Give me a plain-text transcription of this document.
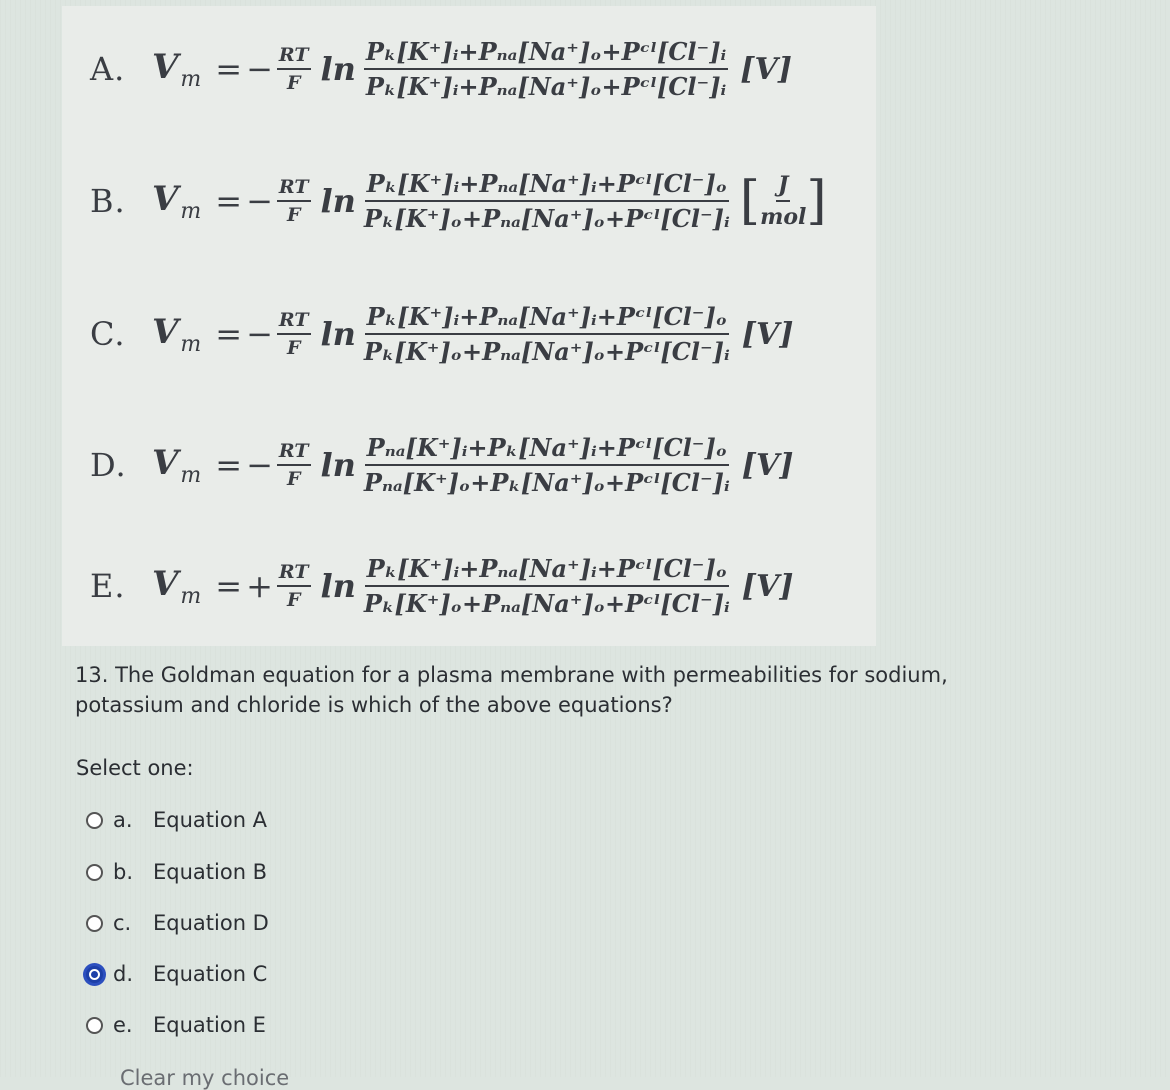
A. $V_m$ = − $\frac{RT}{F}$ $\ln \frac{\text{Pₖ[K⁺]ᵢ+Pₙₐ[Na⁺]ₒ+Pᶜˡ[Cl⁻]ᵢ}}{\text{Pₖ[K⁺]ᵢ+Pₙₐ[Na⁺]ₒ+Pᶜˡ[Cl⁻]ᵢ}} [V]$
B. $V_m$ = − $\frac{RT}{F}$ $\ln \frac{\text{Pₖ[K⁺]ᵢ+Pₙₐ[Na⁺]ᵢ+Pᶜˡ[Cl⁻]ₒ}}{\text{Pₖ[K⁺]ₒ+Pₙₐ[Na⁺]ₒ+Pᶜˡ[Cl⁻]ᵢ}}$ [ $\frac{J}{\text{mol}}$ ]
C. $V_m$ = − $\frac{RT}{F}$ $\ln \frac{\text{Pₖ[K⁺]ᵢ+Pₙₐ[Na⁺]ᵢ+Pᶜˡ[Cl⁻]ₒ}}{\text{Pₖ[K⁺]ₒ+Pₙₐ[Na⁺]ₒ+Pᶜˡ[Cl⁻]ᵢ}} [V]$
D. $V_m$ = − $\frac{RT}{F}$ $\ln \frac{\text{Pₙₐ[K⁺]ᵢ+Pₖ[Na⁺]ᵢ+Pᶜˡ[Cl⁻]ₒ}}{\text{Pₙₐ[K⁺]ₒ+Pₖ[Na⁺]ₒ+Pᶜˡ[Cl⁻]ᵢ}} [V]$
E. $V_m$ = + $\frac{RT}{F}$ $\ln \frac{\text{Pₖ[K⁺]ᵢ+Pₙₐ[Na⁺]ᵢ+Pᶜˡ[Cl⁻]ₒ}}{\text{Pₖ[K⁺]ₒ+Pₙₐ[Na⁺]ₒ+Pᶜˡ[Cl⁻]ᵢ}} [V]$
13. The Goldman equation for a plasma membrane with permeabilities for sodium, potassium and chloride is which of the above equations?
Select one:
a. Equation A
b. Equation B
c.	Equation D
d. Equation C
e. Equation E
Clear my choice
